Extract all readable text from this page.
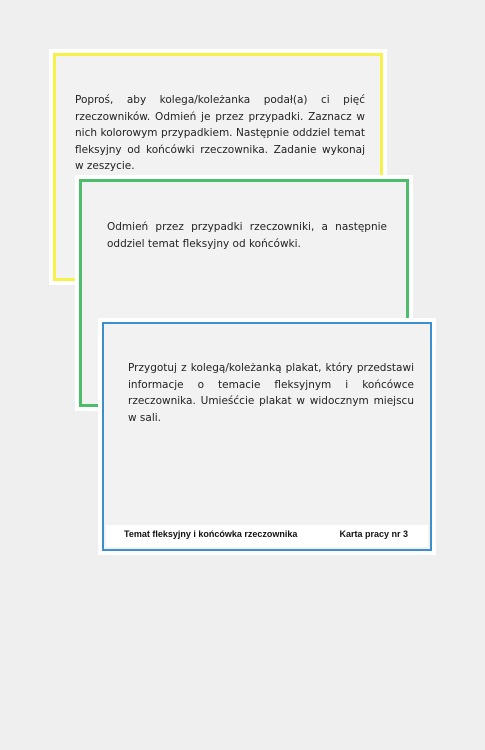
Poproś, aby kolega/koleżanka podał(a) ci pięć rzeczowników. Odmień je przez przypadki. Zaznacz w nich kolorowym przypadkiem. Następnie oddziel temat fleksyjny od końcówki rzeczownika. Zadanie wykonaj w zeszycie.

Odmień przez przypadki rzeczowniki, a następnie oddziel temat fleksyjny od końcówki.

Przygotuj z kolegą/koleżanką plakat, który przedstawi informacje o temacie fleksyjnym i końcówce rzeczownika. Umieśćcie plakat w widocznym miejscu w sali.

Temat fleksyjny i końcówka rzeczownika	Karta pracy nr 3
